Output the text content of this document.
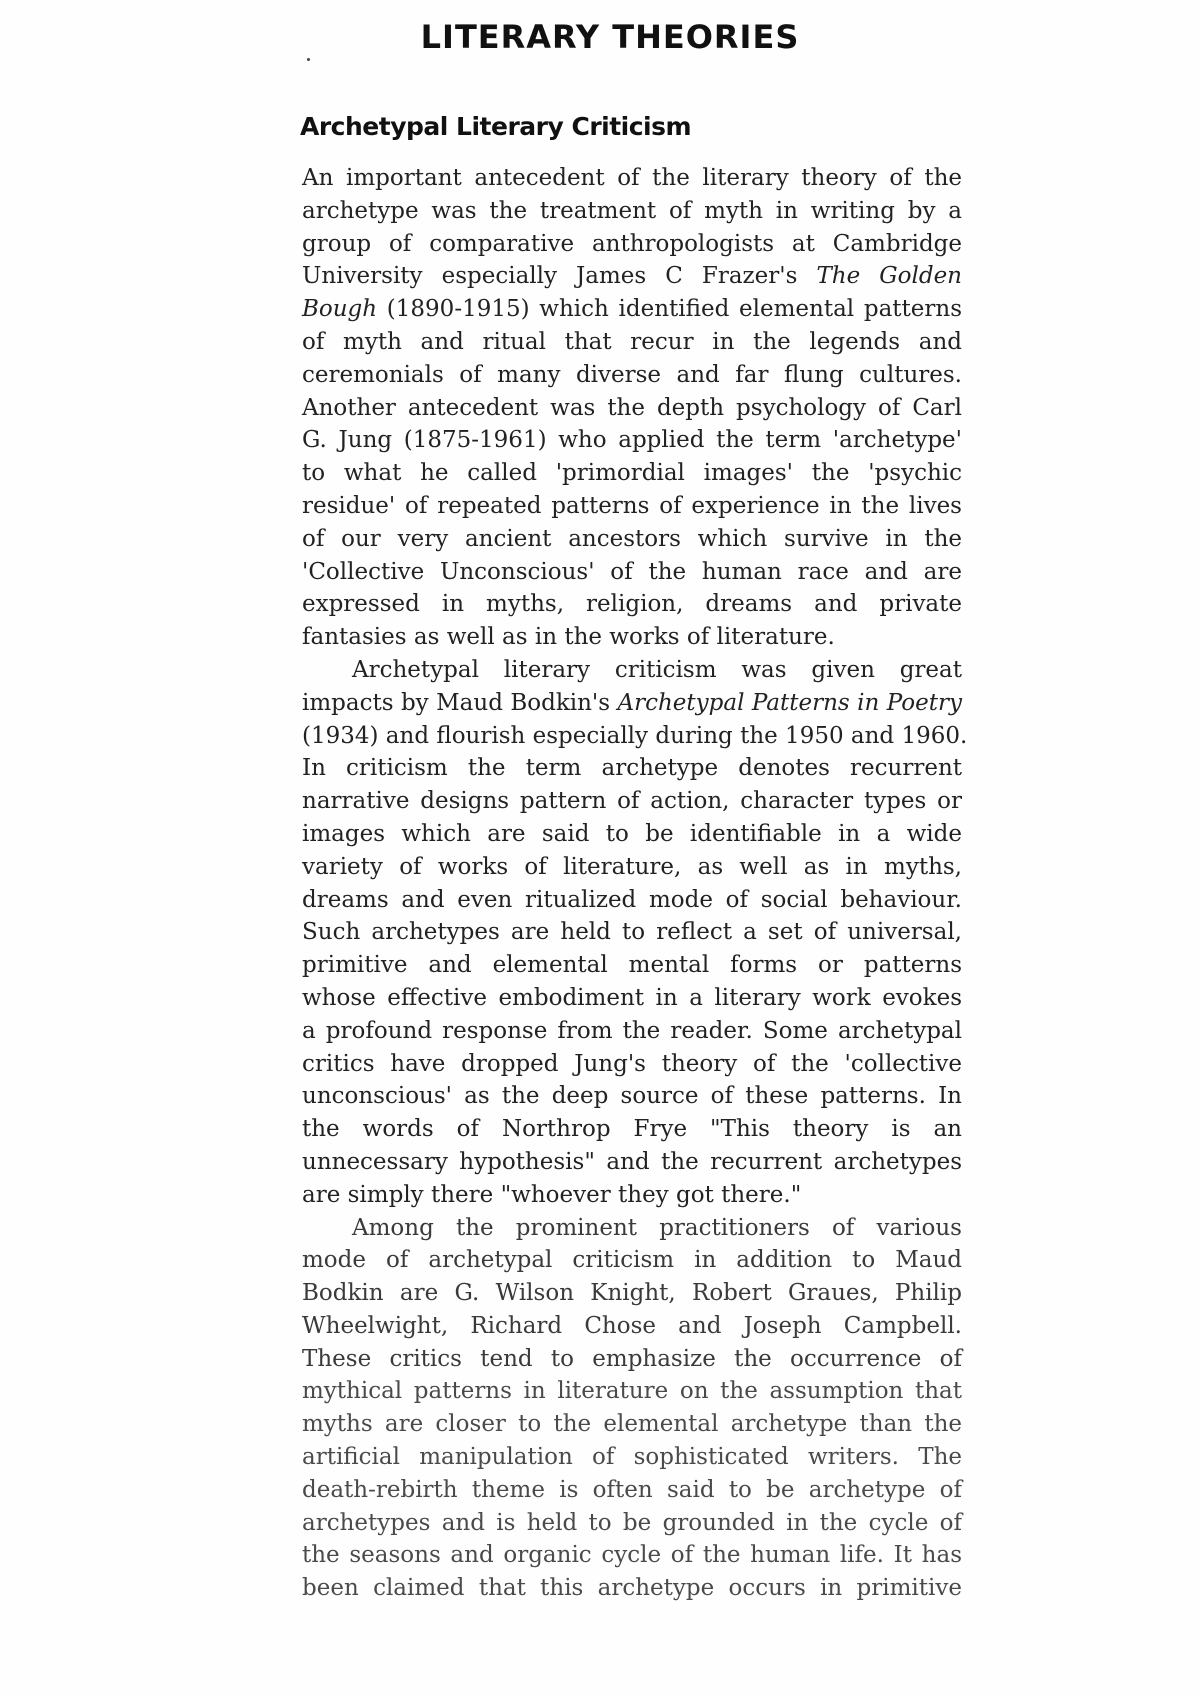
LITERARY THEORIES
Archetypal Literary Criticism
An important antecedent of the literary theory of the
archetype was the treatment of myth in writing by a
group of comparative anthropologists at Cambridge
University especially James C Frazer's The Golden
Bough (1890-1915) which identified elemental patterns
of myth and ritual that recur in the legends and
ceremonials of many diverse and far flung cultures.
Another antecedent was the depth psychology of Carl
G. Jung (1875-1961) who applied the term 'archetype'
to what he called 'primordial images' the 'psychic
residue' of repeated patterns of experience in the lives
of our very ancient ancestors which survive in the
'Collective Unconscious' of the human race and are
expressed in myths, religion, dreams and private
fantasies as well as in the works of literature.
Archetypal literary criticism was given great
impacts by Maud Bodkin's Archetypal Patterns in Poetry
(1934) and flourish especially during the 1950 and 1960.
In criticism the term archetype denotes recurrent
narrative designs pattern of action, character types or
images which are said to be identifiable in a wide
variety of works of literature, as well as in myths,
dreams and even ritualized mode of social behaviour.
Such archetypes are held to reflect a set of universal,
primitive and elemental mental forms or patterns
whose effective embodiment in a literary work evokes
a profound response from the reader. Some archetypal
critics have dropped Jung's theory of the 'collective
unconscious' as the deep source of these patterns. In
the words of Northrop Frye "This theory is an
unnecessary hypothesis" and the recurrent archetypes
are simply there "whoever they got there."
Among the prominent practitioners of various
mode of archetypal criticism in addition to Maud
Bodkin are G. Wilson Knight, Robert Graues, Philip
Wheelwight, Richard Chose and Joseph Campbell.
These critics tend to emphasize the occurrence of
mythical patterns in literature on the assumption that
myths are closer to the elemental archetype than the
artificial manipulation of sophisticated writers. The
death-rebirth theme is often said to be archetype of
archetypes and is held to be grounded in the cycle of
the seasons and organic cycle of the human life. It has
been claimed that this archetype occurs in primitive
